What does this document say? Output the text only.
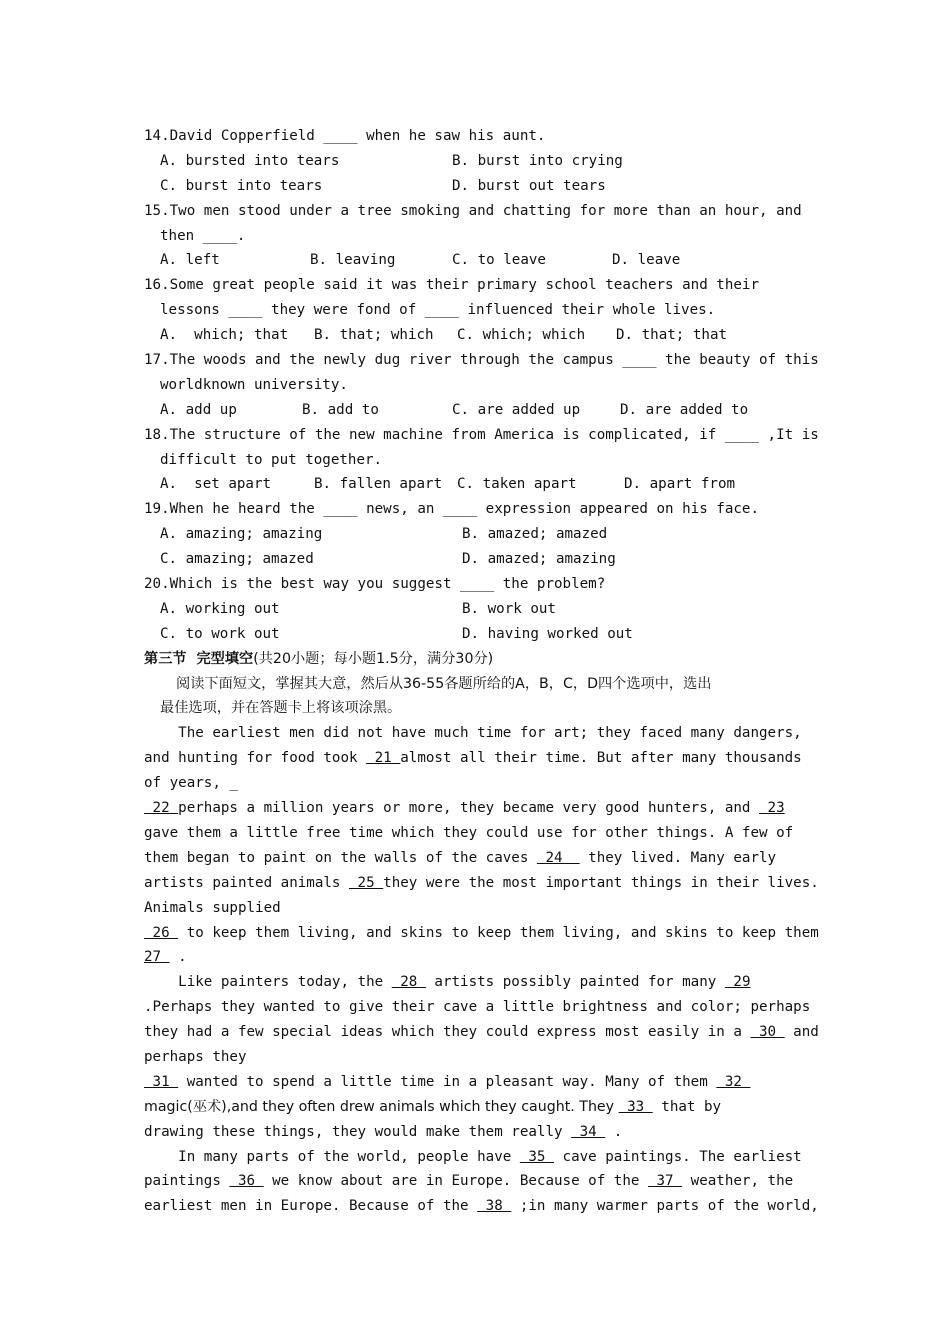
14.David Copperfield ____ when he saw his aunt.
A. bursted into tears	B. burst into crying
C. burst into tears	D. burst out tears
15.Two men stood under a tree smoking and chatting for more than an hour, and
then ____.
A. left	B. leaving	C. to leave	D. leave
16.Some great people said it was their primary school teachers and their
lessons ____ they were fond of ____ influenced their whole lives.
A.  which; that B. that; which C. which; which D. that; that
17.The woods and the newly dug river through the campus ____ the beauty of this
worldknown university.
A. add up	B. add to	C. are added up	D. are added to
18.The structure of the new machine from America is complicated, if ____ ,It is
difficult to put together.
A.  set apart	B. fallen apart C. taken apart	D. apart from
19.When he heard the ____ news, an ____ expression appeared on his face.
A. amazing; amazing	B. amazed; amazed
C. amazing; amazed	D. amazed; amazing
20.Which is the best way you suggest ____ the problem?
A. working out	B. work out
C. to work out	D. having worked out
第三节  完型填空(共20小题；每小题1.5分，满分30分)
阅读下面短文，掌握其大意，然后从36-55各题所给的A，B，C，D四个选项中，选出
最佳选项，并在答题卡上将该项涂黑。
The earliest men did not have much time for art; they faced many dangers,
and hunting for food took  21 almost all their time. But after many thousands
of years, _
22 perhaps a million years or more, they became very good hunters, and  23
gave them a little free time which they could use for other things. A few of
them began to paint on the walls of the caves  24   they lived. Many early
artists painted animals  25 they were the most important things in their lives.
Animals supplied
26  to keep them living, and skins to keep them living, and skins to keep them
27  .
Like painters today, the  28  artists possibly painted for many  29
.Perhaps they wanted to give their cave a little brightness and color; perhaps
they had a few special ideas which they could express most easily in a  30  and
perhaps they
31  wanted to spend a little time in a pleasant way. Many of them  32
magic(巫术),and they often drew animals which they caught. They  33  that by
drawing these things, they would make them really  34  .
In many parts of the world, people have  35  cave paintings. The earliest
paintings  36  we know about are in Europe. Because of the  37  weather, the
earliest men in Europe. Because of the  38  ;in many warmer parts of the world,
